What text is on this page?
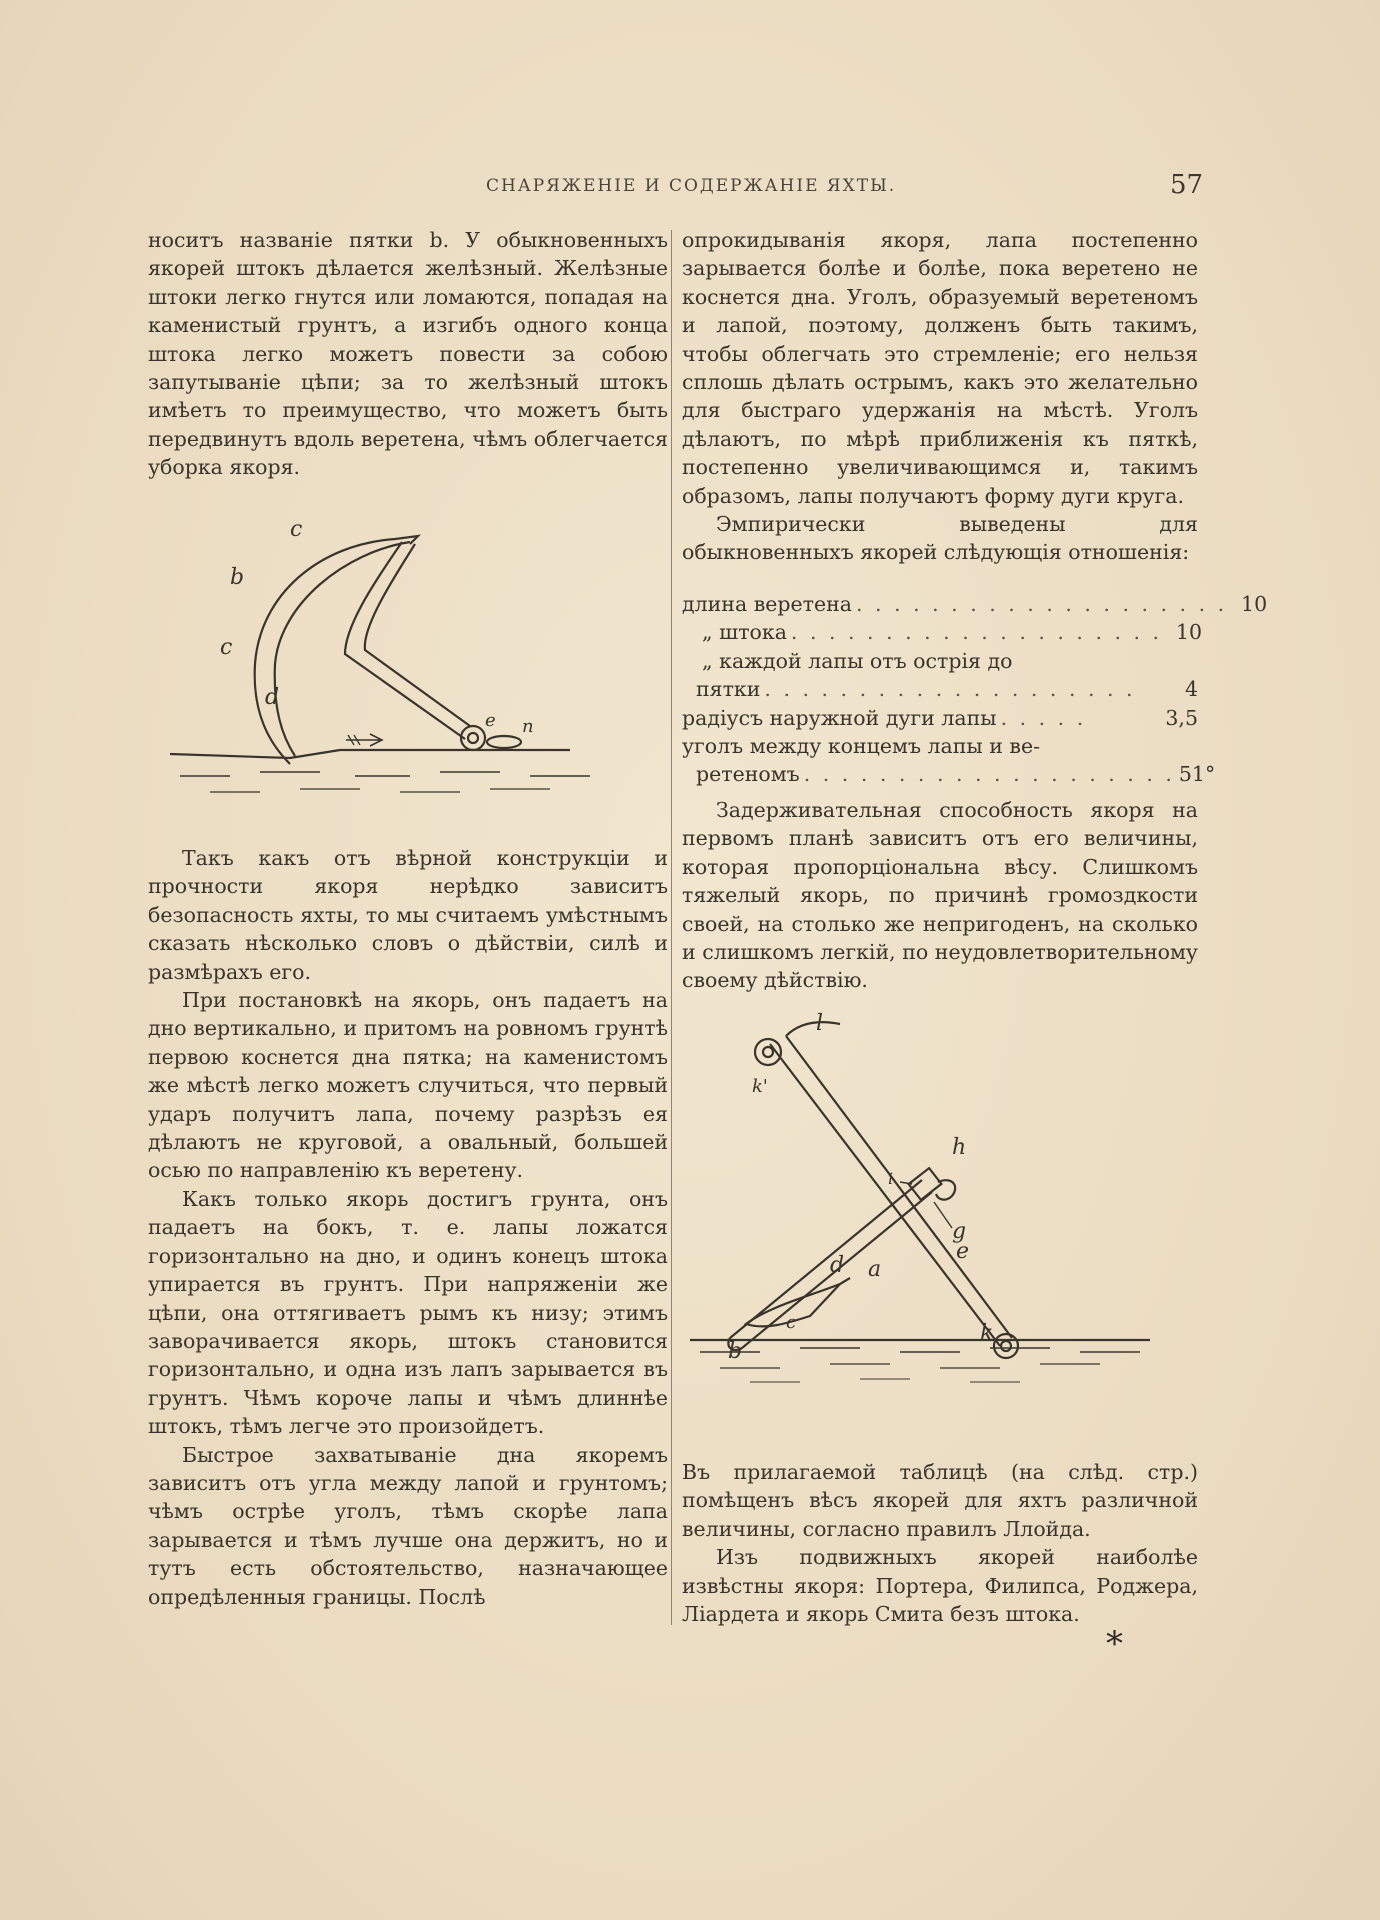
СНАРЯЖЕНІЕ И СОДЕРЖАНІЕ ЯХТЫ.	57

носитъ названіе пятки b. У обыкновенныхъ якорей штокъ дѣлается желѣзный. Желѣзные штоки легко гнутся или ломаются, попадая на каменистый грунтъ, а изгибъ одного конца штока легко можетъ повести за собою запутываніе цѣпи; за то желѣзный штокъ имѣетъ то преимущество, что можетъ быть передвинутъ вдоль веретена, чѣмъ облегчается уборка якоря.

c
b
c
d
e n

Такъ какъ отъ вѣрной конструкціи и прочности якоря нерѣдко зависитъ безопасность яхты, то мы считаемъ умѣстнымъ сказать нѣсколько словъ о дѣйствіи, силѣ и размѣрахъ его.

При постановкѣ на якорь, онъ падаетъ на дно вертикально, и притомъ на ровномъ грунтѣ первою коснется дна пятка; на каменистомъ же мѣстѣ легко можетъ случиться, что первый ударъ получитъ лапа, почему разрѣзъ ея дѣлаютъ не круговой, а овальный, большей осью по направленію къ веретену.

Какъ только якорь достигъ грунта, онъ падаетъ на бокъ, т. е. лапы ложатся горизонтально на дно, и одинъ конецъ штока упирается въ грунтъ. При напряженіи же цѣпи, она оттягиваетъ рымъ къ низу; этимъ заворачивается якорь, штокъ становится горизонтально, и одна изъ лапъ зарывается въ грунтъ. Чѣмъ короче лапы и чѣмъ длиннѣе штокъ, тѣмъ легче это произойдетъ.

Быстрое захватываніе дна якоремъ зависитъ отъ угла между лапой и грунтомъ; чѣмъ острѣе уголъ, тѣмъ скорѣе лапа зарывается и тѣмъ лучше она держитъ, но и тутъ есть обстоятельство, назначающее опредѣленныя границы. Послѣ

опрокидыванія якоря, лапа постепенно зарывается болѣе и болѣе, пока веретено не коснется дна. Уголъ, образуемый веретеномъ и лапой, поэтому, долженъ быть такимъ, чтобы облегчать это стремленіе; его нельзя сплошь дѣлать острымъ, какъ это желательно для быстраго удержанія на мѣстѣ. Уголъ дѣлаютъ, по мѣрѣ приближенія къ пяткѣ, постепенно увеличивающимся и, такимъ образомъ, лапы получаютъ форму дуги круга.

Эмпирически выведены для обыкновенныхъ якорей слѣдующія отношенія:

длина веретена . . . . . . . . . . . . . . . . . . . . 10
„ штока . . . . . . . . . . . . . . . . . . . . 10
„ каждой лапы отъ острія до
пятки . . . . . . . . . . . . . . . . . . . .	4
радіусъ наружной дуги лапы . . . . .	3,5
уголъ между концемъ лапы и ве-
ретеномъ . . . . . . . . . . . . . . . . . . . . 51°

Задерживательная способность якоря на первомъ планѣ зависитъ отъ его величины, которая пропорціональна вѣсу. Слишкомъ тяжелый якорь, по причинѣ громоздкости своей, на столько же непригоденъ, на сколько и слишкомъ легкій, по неудовлетворительному своему дѣйствію.

l
k'
h
i
g
e
d a
c
b
k

Въ прилагаемой таблицѣ (на слѣд. стр.) помѣщенъ вѣсъ якорей для яхтъ различной величины, согласно правилъ Ллойда.

Изъ подвижныхъ якорей наиболѣе извѣстны якоря: Портера, Филипса, Роджера, Ліардета и якорь Смита безъ штока.

*
